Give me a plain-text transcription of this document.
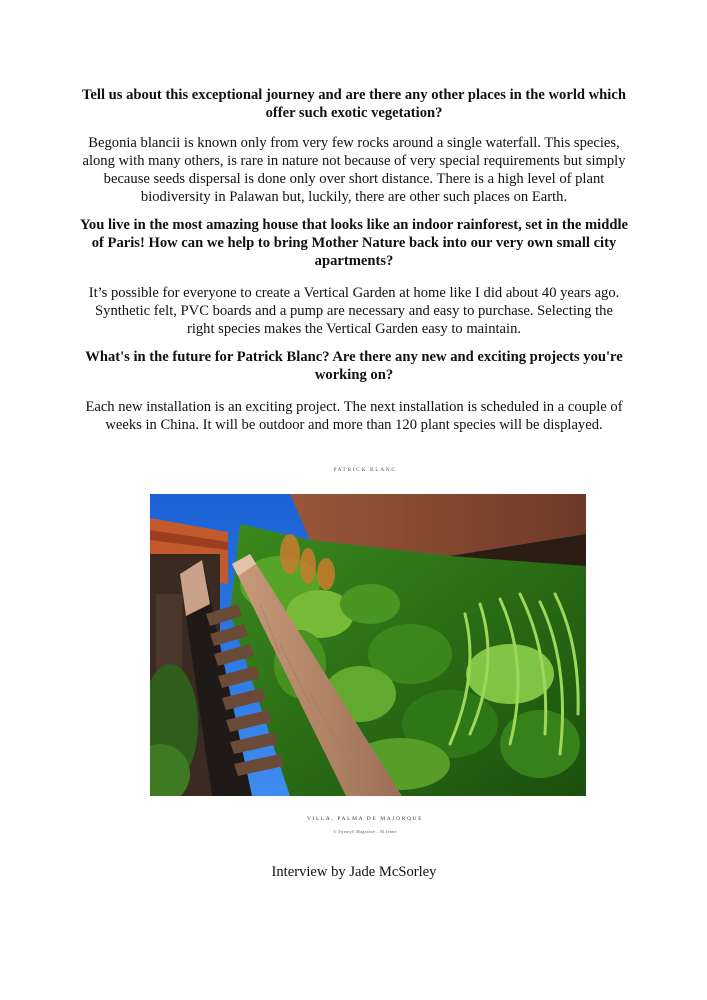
Tell us about this exceptional journey and are there any other places in the world which offer such exotic vegetation?

Begonia blancii is known only from very few rocks around a single waterfall. This species, along with many others, is rare in nature not because of very special requirements but simply because seeds dispersal is done only over short distance. There is a high level of plant biodiversity in Palawan but, luckily, there are other such places on Earth.

You live in the most amazing house that looks like an indoor rainforest, set in the middle of Paris! How can we help to bring Mother Nature back into our very own small city apartments?

It’s possible for everyone to create a Vertical Garden at home like I did about 40 years ago. Synthetic felt, PVC boards and a pump are necessary and easy to purchase. Selecting the right species makes the Vertical Garden easy to maintain.

What's in the future for Patrick Blanc? Are there any new and exciting projects you're working on?

Each new installation is an exciting project. The next installation is scheduled in a couple of weeks in China. It will be outdoor and more than 120 plant species will be displayed.

PATRICK BLANC
VILLA, PALMA DE MAJORQUE
© Twenty6 Magazine – M.Jenne

Interview by Jade McSorley
